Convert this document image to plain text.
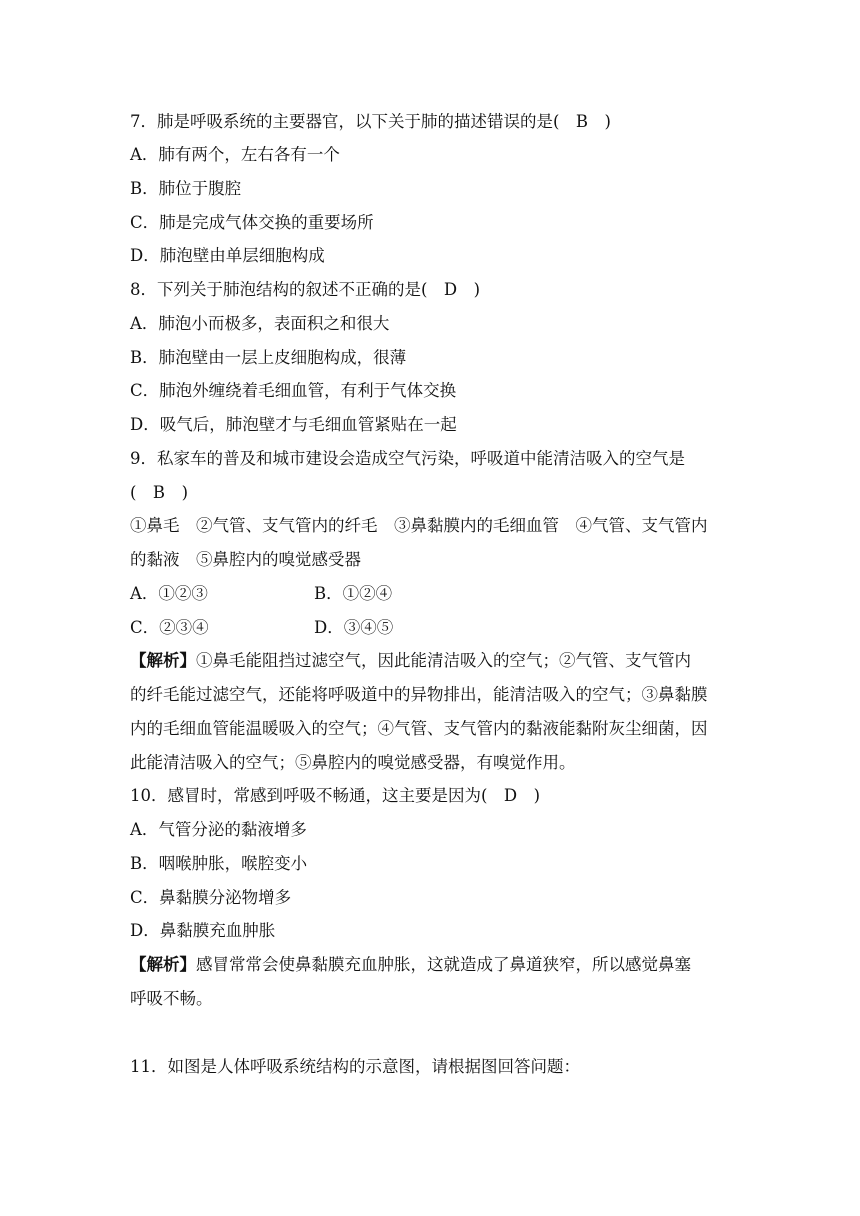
7．肺是呼吸系统的主要器官，以下关于肺的描述错误的是(　B　)
A．肺有两个，左右各有一个
B．肺位于腹腔
C．肺是完成气体交换的重要场所
D．肺泡壁由单层细胞构成
8．下列关于肺泡结构的叙述不正确的是(　D　)
A．肺泡小而极多，表面积之和很大
B．肺泡壁由一层上皮细胞构成，很薄
C．肺泡外缠绕着毛细血管，有利于气体交换
D．吸气后，肺泡壁才与毛细血管紧贴在一起
9．私家车的普及和城市建设会造成空气污染，呼吸道中能清洁吸入的空气是
(　B　)
①鼻毛　②气管、支气管内的纤毛　③鼻黏膜内的毛细血管　④气管、支气管内
的黏液　⑤鼻腔内的嗅觉感受器
A．①②③	B．①②④
C．②③④	D．③④⑤
【解析】①鼻毛能阻挡过滤空气，因此能清洁吸入的空气；②气管、支气管内
的纤毛能过滤空气，还能将呼吸道中的异物排出，能清洁吸入的空气；③鼻黏膜
内的毛细血管能温暖吸入的空气；④气管、支气管内的黏液能黏附灰尘细菌，因
此能清洁吸入的空气；⑤鼻腔内的嗅觉感受器，有嗅觉作用。
10．感冒时，常感到呼吸不畅通，这主要是因为(　D　)
A．气管分泌的黏液增多
B．咽喉肿胀，喉腔变小
C．鼻黏膜分泌物增多
D．鼻黏膜充血肿胀
【解析】感冒常常会使鼻黏膜充血肿胀，这就造成了鼻道狭窄，所以感觉鼻塞
呼吸不畅。
11．如图是人体呼吸系统结构的示意图，请根据图回答问题：
